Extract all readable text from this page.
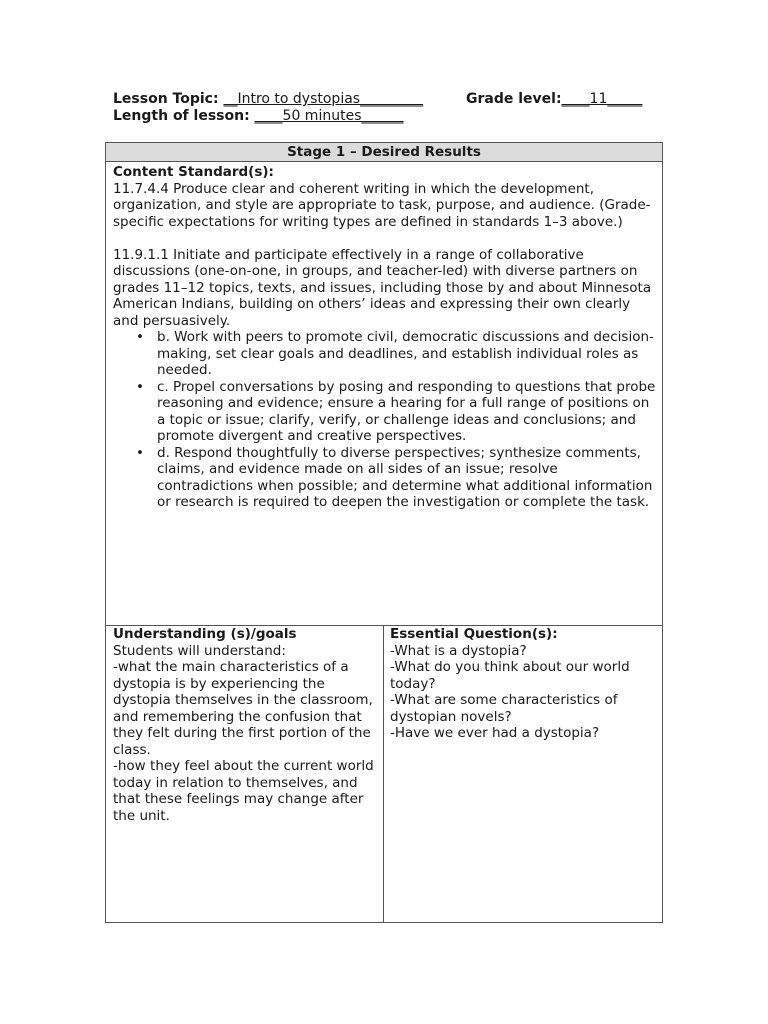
Lesson Topic: __Intro to dystopias_________	Grade level:____11_____
Length of lesson: ____50 minutes______
Stage 1 – Desired Results
Content Standard(s):

11.7.4.4 Produce clear and coherent writing in which the development, organization, and style are appropriate to task, purpose, and audience. (Grade-specific expectations for writing types are defined in standards 1–3 above.)

11.9.1.1 Initiate and participate effectively in a range of collaborative discussions (one-on-one, in groups, and teacher-led) with diverse partners on grades 11–12 topics, texts, and issues, including those by and about Minnesota American Indians, building on others’ ideas and expressing their own clearly and persuasively.

• b. Work with peers to promote civil, democratic discussions and decision-making, set clear goals and deadlines, and establish individual roles as needed.
• c. Propel conversations by posing and responding to questions that probe reasoning and evidence; ensure a hearing for a full range of positions on a topic or issue; clarify, verify, or challenge ideas and conclusions; and promote divergent and creative perspectives.
• d. Respond thoughtfully to diverse perspectives; synthesize comments, claims, and evidence made on all sides of an issue; resolve contradictions when possible; and determine what additional information or research is required to deepen the investigation or complete the task.
Understanding (s)/goals

Students will understand:

-what the main characteristics of a dystopia is by experiencing the dystopia themselves in the classroom, and remembering the confusion that they felt during the first portion of the class.

-how they feel about the current world today in relation to themselves, and that these feelings may change after the unit.

Essential Question(s):

-What is a dystopia?

-What do you think about our world today?

-What are some characteristics of dystopian novels?

-Have we ever had a dystopia?
